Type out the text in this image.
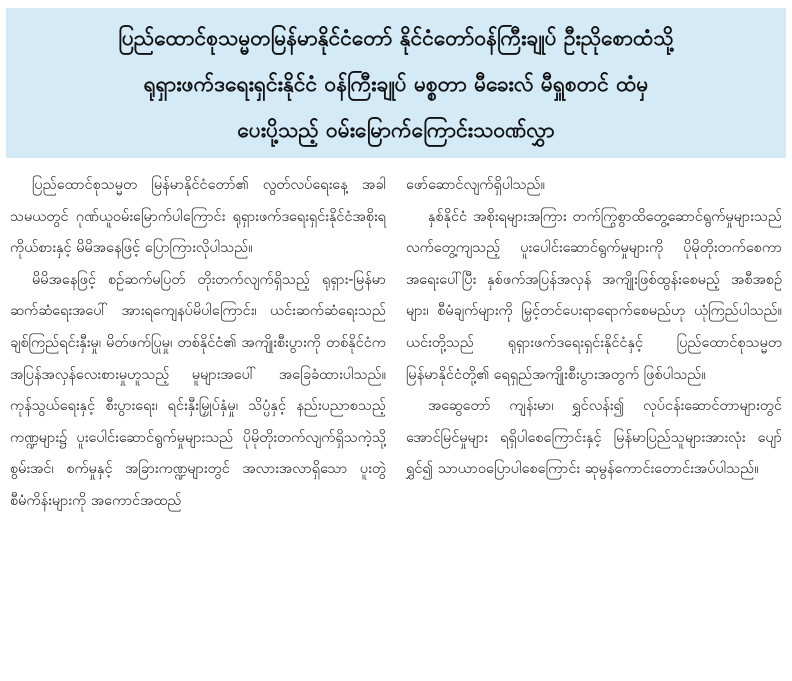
ပြည်ထောင်စုသမ္မတမြန်မာနိုင်ငံတော် နိုင်ငံတော်ဝန်ကြီးချုပ် ဦးညိုစောထံသို့
ရုရှားဖက်ဒရေးရှင်းနိုင်ငံ ဝန်ကြီးချုပ် မစ္စတာ မီခေးလ် မီရှူစတင် ထံမှ
ပေးပို့သည့် ဝမ်းမြောက်ကြောင်းသဝဏ်လွှာ

ပြည်ထောင်စုသမ္မတ မြန်မာနိုင်ငံတော်၏ လွတ်လပ်ရေးနေ့ အခါသမယတွင် ဂုဏ်ယူဝမ်းမြောက်ပါကြောင်း ရုရှားဖက်ဒရေးရှင်းနိုင်ငံအစိုးရကိုယ်စားနှင့် မိမိအနေဖြင့် ပြောကြားလိုပါသည်။

မိမိအနေဖြင့် စဉ်ဆက်မပြတ် တိုးတက်လျက်ရှိသည့် ရုရှား-မြန်မာ ဆက်ဆံရေးအပေါ် အားရကျေနပ်မိပါကြောင်း၊ ယင်းဆက်ဆံရေးသည် ချစ်ကြည်ရင်းနှီးမှု၊ မိတ်ဖက်ပြုမှု၊ တစ်နိုင်ငံ၏ အကျိုးစီးပွားကို တစ်နိုင်ငံက အပြန်အလှန်လေးစားမှုဟူသည့် မူများအပေါ် အခြေခံထားပါသည်။ ကုန်သွယ်ရေးနှင့် စီးပွားရေး၊ ရင်းနှီးမြှုပ်နှံမှု၊ သိပ္ပံနှင့် နည်းပညာစသည့်ကဏ္ဍများ၌ ပူးပေါင်းဆောင်ရွက်မှုများသည် ပိုမိုတိုးတက်လျက်ရှိသကဲ့သို့ စွမ်းအင်၊ စက်မှုနှင့် အခြားကဏ္ဍများတွင် အလားအလာရှိသော ပူးတွဲစီမံကိန်းများကို အကောင်အထည်

ဖော်ဆောင်လျက်ရှိပါသည်။

နှစ်နိုင်ငံ အစိုးရများအကြား တက်ကြွစွာထိတွေ့ဆောင်ရွက်မှုများသည် လက်တွေ့ကျသည့် ပူးပေါင်းဆောင်ရွက်မှုများကို ပိုမိုတိုးတက်စေကာ အရေးပေါ်ပြီး နှစ်ဖက်အပြန်အလှန် အကျိုးဖြစ်ထွန်းစေမည့် အစီအစဉ်များ၊ စီမံချက်များကို မြှင့်တင်ပေးရာရောက်စေမည်ဟု ယုံကြည်ပါသည်။ ယင်းတို့သည် ရုရှားဖက်ဒရေးရှင်းနိုင်ငံနှင့် ပြည်ထောင်စုသမ္မတ မြန်မာနိုင်ငံတို့၏ ရေရှည်အကျိုးစီးပွားအတွက် ဖြစ်ပါသည်။

အဆွေတော် ကျန်းမာ၊ ရွှင်လန်း၍ လုပ်ငန်းဆောင်တာများတွင် အောင်မြင်မှုများ ရရှိပါစေကြောင်းနှင့် မြန်မာပြည်သူများအားလုံး ပျော်ရွှင်၍ သာယာဝပြောပါစေကြောင်း ဆုမွန်ကောင်းတောင်းအပ်ပါသည်။
